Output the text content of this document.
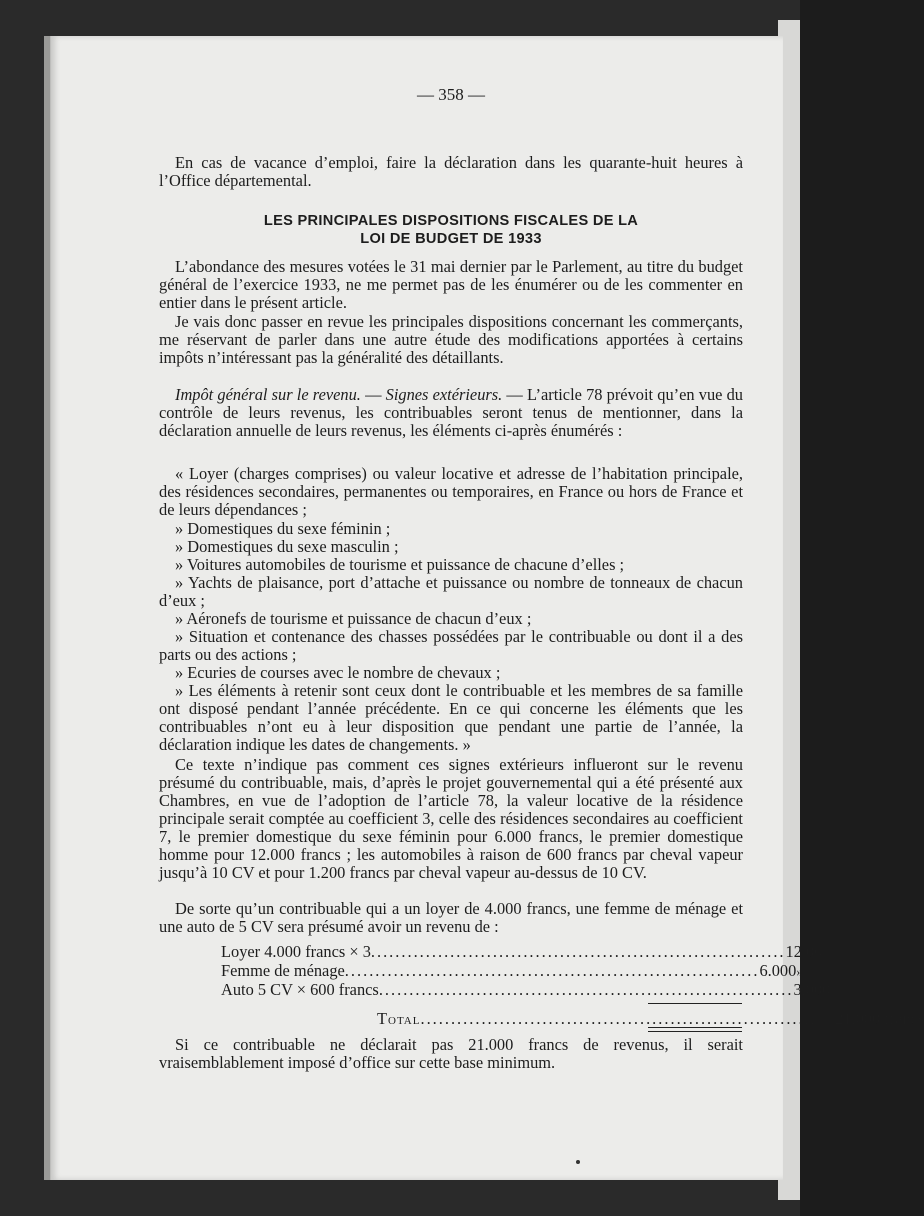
— 358 —

En cas de vacance d’emploi, faire la déclaration dans les quarante-huit heures à l’Office départemental.

LES PRINCIPALES DISPOSITIONS FISCALES DE LA
LOI DE BUDGET DE 1933

L’abondance des mesures votées le 31 mai dernier par le Parlement, au titre du budget général de l’exercice 1933, ne me permet pas de les énumérer ou de les commenter en entier dans le présent article.

Je vais donc passer en revue les principales dispositions concernant les commerçants, me réservant de parler dans une autre étude des modifications apportées à certains impôts n’intéressant pas la généralité des détaillants.

Impôt général sur le revenu. — Signes extérieurs. — L’article 78 prévoit qu’en vue du contrôle de leurs revenus, les contribuables seront tenus de mentionner, dans la déclaration annuelle de leurs revenus, les éléments ci-après énumérés :

« Loyer (charges comprises) ou valeur locative et adresse de l’habitation principale, des résidences secondaires, permanentes ou temporaires, en France ou hors de France et de leurs dépendances ;

» Domestiques du sexe féminin ;

» Domestiques du sexe masculin ;

» Voitures automobiles de tourisme et puissance de chacune d’elles ;

» Yachts de plaisance, port d’attache et puissance ou nombre de tonneaux de chacun d’eux ;

» Aéronefs de tourisme et puissance de chacun d’eux ;

» Situation et contenance des chasses possédées par le contribuable ou dont il a des parts ou des actions ;

» Ecuries de courses avec le nombre de chevaux ;

» Les éléments à retenir sont ceux dont le contribuable et les membres de sa famille ont disposé pendant l’année précédente. En ce qui concerne les éléments que les contribuables n’ont eu à leur disposition que pendant une partie de l’année, la déclaration indique les dates de changements. »

Ce texte n’indique pas comment ces signes extérieurs influeront sur le revenu présumé du contribuable, mais, d’après le projet gouvernemental qui a été présenté aux Chambres, en vue de l’adoption de l’article 78, la valeur locative de la résidence principale serait comptée au coefficient 3, celle des résidences secondaires au coefficient 7, le premier domestique du sexe féminin pour 6.000 francs, le premier domestique homme pour 12.000 francs ; les automobiles à raison de 600 francs par cheval vapeur jusqu’à 10 CV et pour 1.200 francs par cheval vapeur au-dessus de 10 CV.

De sorte qu’un contribuable qui a un loyer de 4.000 francs, une femme de ménage et une auto de 5 CV sera présumé avoir un revenu de :

Loyer 4.000 francs × 3 .................................................................... 12.000 »
Femme de ménage .................................................................... 6.000 »
Auto 5 CV × 600 francs .................................................................... 3.000 »
Total .................................................................... 21.000 francs

Si ce contribuable ne déclarait pas 21.000 francs de revenus, il serait vraisemblablement imposé d’office sur cette base minimum.
